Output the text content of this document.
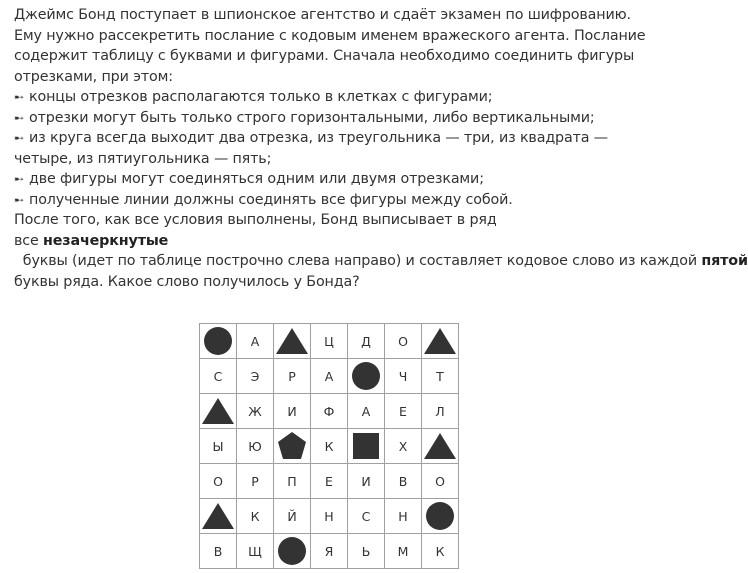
Джеймс Бонд поступает в шпионское агентство и сдаёт экзамен по шифрованию. Ему нужно рассекретить послание с кодовым именем вражеского агента. Послание содержит таблицу с буквами и фигурами. Сначала необходимо соединить фигуры отрезками, при этом:

➸ концы отрезков располагаются только в клетках с фигурами;
➸ отрезки могут быть только строго горизонтальными, либо вертикальными;
➸ из круга всегда выходит два отрезка, из треугольника — три, из квадрата — четыре, из пятиугольника — пять;
➸ две фигуры могут соединяться одним или двумя отрезками;
➸ полученные линии должны соединять все фигуры между собой.

После того, как все условия выполнены, Бонд выписывает в ряд

все незачеркнутые  буквы (идет по таблице построчно слева направо) и составляет кодовое слово из каждой пятой буквы ряда. Какое слово получилось у Бонда?

	А		Ц	Д	О	

С	Э	Р	А		Ч	Т

	Ж	И	Ф	А	Е	Л
Ы	Ю		К		Х	

О	Р	П	Е	И	В	О

	К	Й	Н	С	Н	

В	Щ		Я	Ь	М	К
